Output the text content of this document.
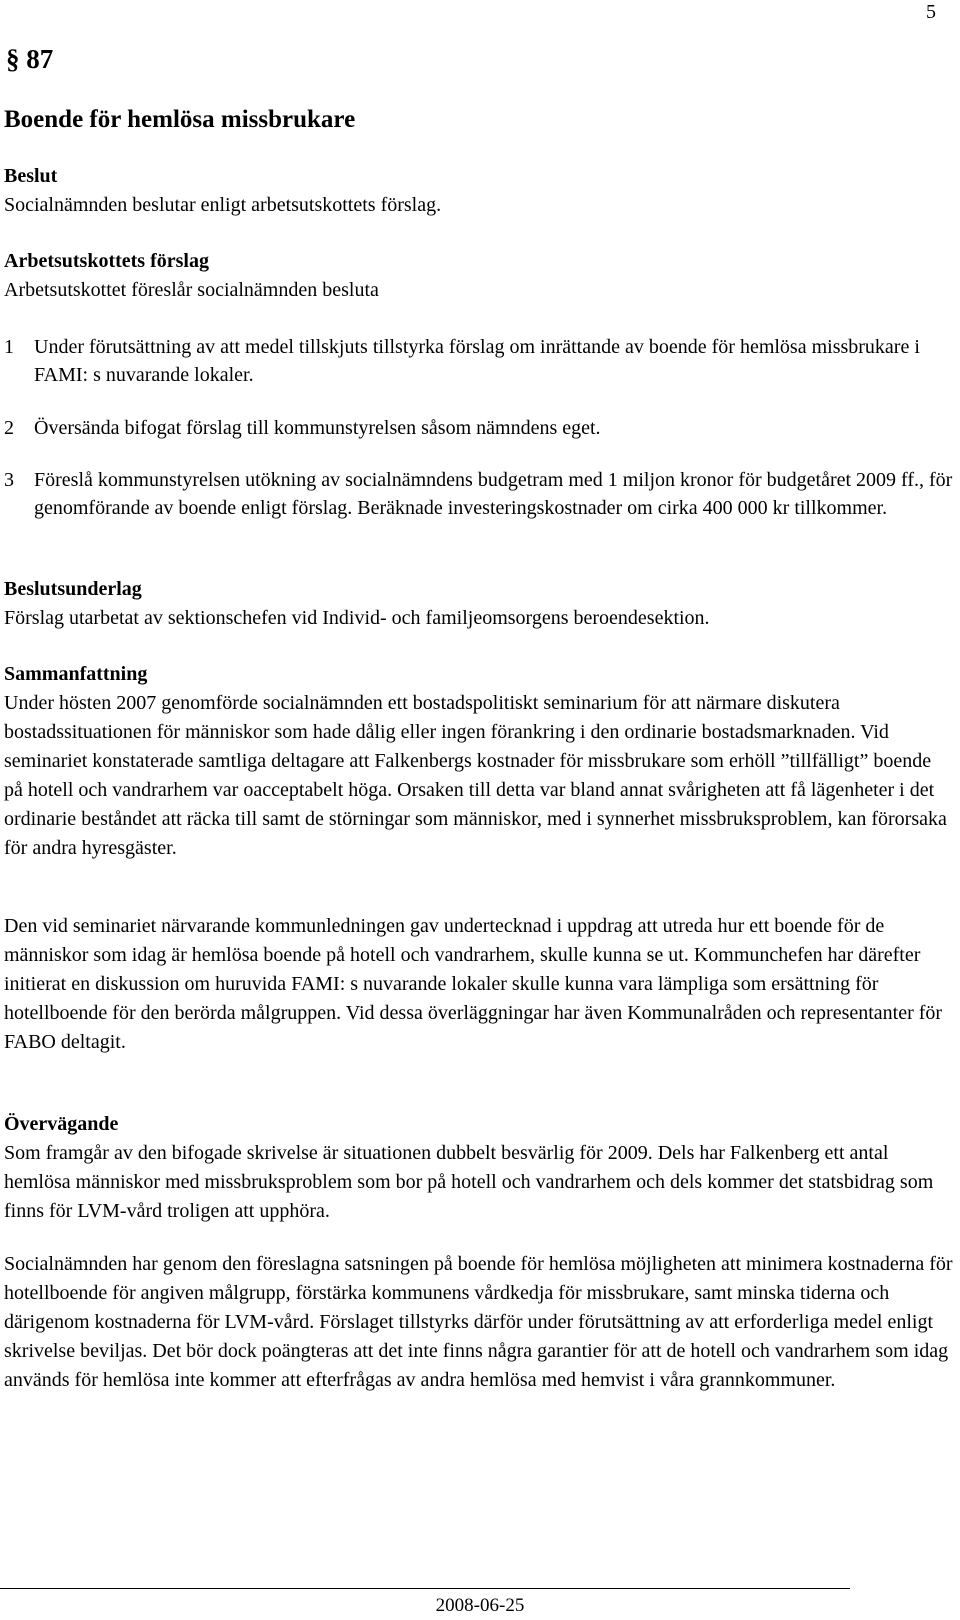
5
§ 87
Boende för hemlösa missbrukare
Beslut
Socialnämnden beslutar enligt arbetsutskottets förslag.
Arbetsutskottets förslag
Arbetsutskottet föreslår socialnämnden besluta
1 Under förutsättning av att medel tillskjuts tillstyrka förslag om inrättande av boende för hemlösa missbrukare i FAMI: s nuvarande lokaler.
2 Översända bifogat förslag till kommunstyrelsen såsom nämndens eget.
3 Föreslå kommunstyrelsen utökning av socialnämndens budgetram med 1 miljon kronor för budgetåret 2009 ff., för genomförande av boende enligt förslag. Beräknade investeringskostnader om cirka 400 000 kr tillkommer.
Beslutsunderlag
Förslag utarbetat av sektionschefen vid Individ- och familjeomsorgens beroendesektion.
Sammanfattning
Under hösten 2007 genomförde socialnämnden ett bostadspolitiskt seminarium för att närmare diskutera bostadssituationen för människor som hade dålig eller ingen förankring i den ordinarie bostadsmarknaden. Vid seminariet konstaterade samtliga deltagare att Falkenbergs kostnader för missbrukare som erhöll ”tillfälligt” boende på hotell och vandrarhem var oacceptabelt höga. Orsaken till detta var bland annat svårigheten att få lägenheter i det ordinarie beståndet att räcka till samt de störningar som människor, med i synnerhet missbruksproblem, kan förorsaka för andra hyresgäster.
Den vid seminariet närvarande kommunledningen gav undertecknad i uppdrag att utreda hur ett boende för de människor som idag är hemlösa boende på hotell och vandrarhem, skulle kunna se ut. Kommunchefen har därefter initierat en diskussion om huruvida FAMI: s nuvarande lokaler skulle kunna vara lämpliga som ersättning för hotellboende för den berörda målgruppen. Vid dessa överläggningar har även Kommunalråden och representanter för FABO deltagit.
Övervägande
Som framgår av den bifogade skrivelse är situationen dubbelt besvärlig för 2009. Dels har Falkenberg ett antal hemlösa människor med missbruksproblem som bor på hotell och vandrarhem och dels kommer det statsbidrag som finns för LVM-vård troligen att upphöra.
Socialnämnden har genom den föreslagna satsningen på boende för hemlösa möjligheten att minimera kostnaderna för hotellboende för angiven målgrupp, förstärka kommunens vårdkedja för missbrukare, samt minska tiderna och därigenom kostnaderna för LVM-vård. Förslaget tillstyrks därför under förutsättning av att erforderliga medel enligt skrivelse beviljas. Det bör dock poängteras att det inte finns några garantier för att de hotell och vandrarhem som idag används för hemlösa inte kommer att efterfrågas av andra hemlösa med hemvist i våra grannkommuner.
2008-06-25
